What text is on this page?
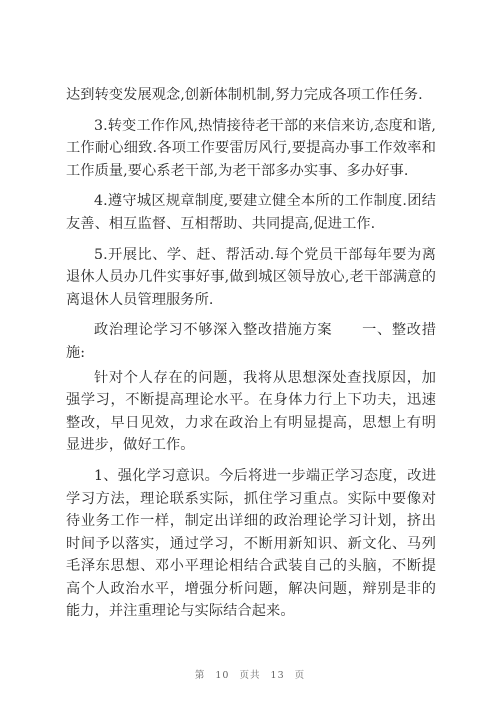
达到转变发展观念,创新体制机制,努力完成各项工作任务.

3.转变工作作风,热情接待老干部的来信来访,态度和谐,工作耐心细致.各项工作要雷厉风行,要提高办事工作效率和工作质量,要心系老干部,为老干部多办实事、多办好事.

4.遵守城区规章制度,要建立健全本所的工作制度.团结友善、相互监督、互相帮助、共同提高,促进工作.

5.开展比、学、赶、帮活动.每个党员干部每年要为离退休人员办几件实事好事,做到城区领导放心,老干部满意的离退休人员管理服务所.

政治理论学习不够深入整改措施方案　　一、整改措施:

针对个人存在的问题，我将从思想深处查找原因，加强学习，不断提高理论水平。在身体力行上下功夫，迅速整改，早日见效，力求在政治上有明显提高，思想上有明显进步，做好工作。

1、强化学习意识。今后将进一步端正学习态度，改进学习方法，理论联系实际，抓住学习重点。实际中要像对待业务工作一样，制定出详细的政治理论学习计划，挤出时间予以落实，通过学习，不断用新知识、新文化、马列毛泽东思想、邓小平理论相结合武装自己的头脑，不断提高个人政治水平，增强分析问题，解决问题，辩别是非的能力，并注重理论与实际结合起来。

第 10 页共 13 页
